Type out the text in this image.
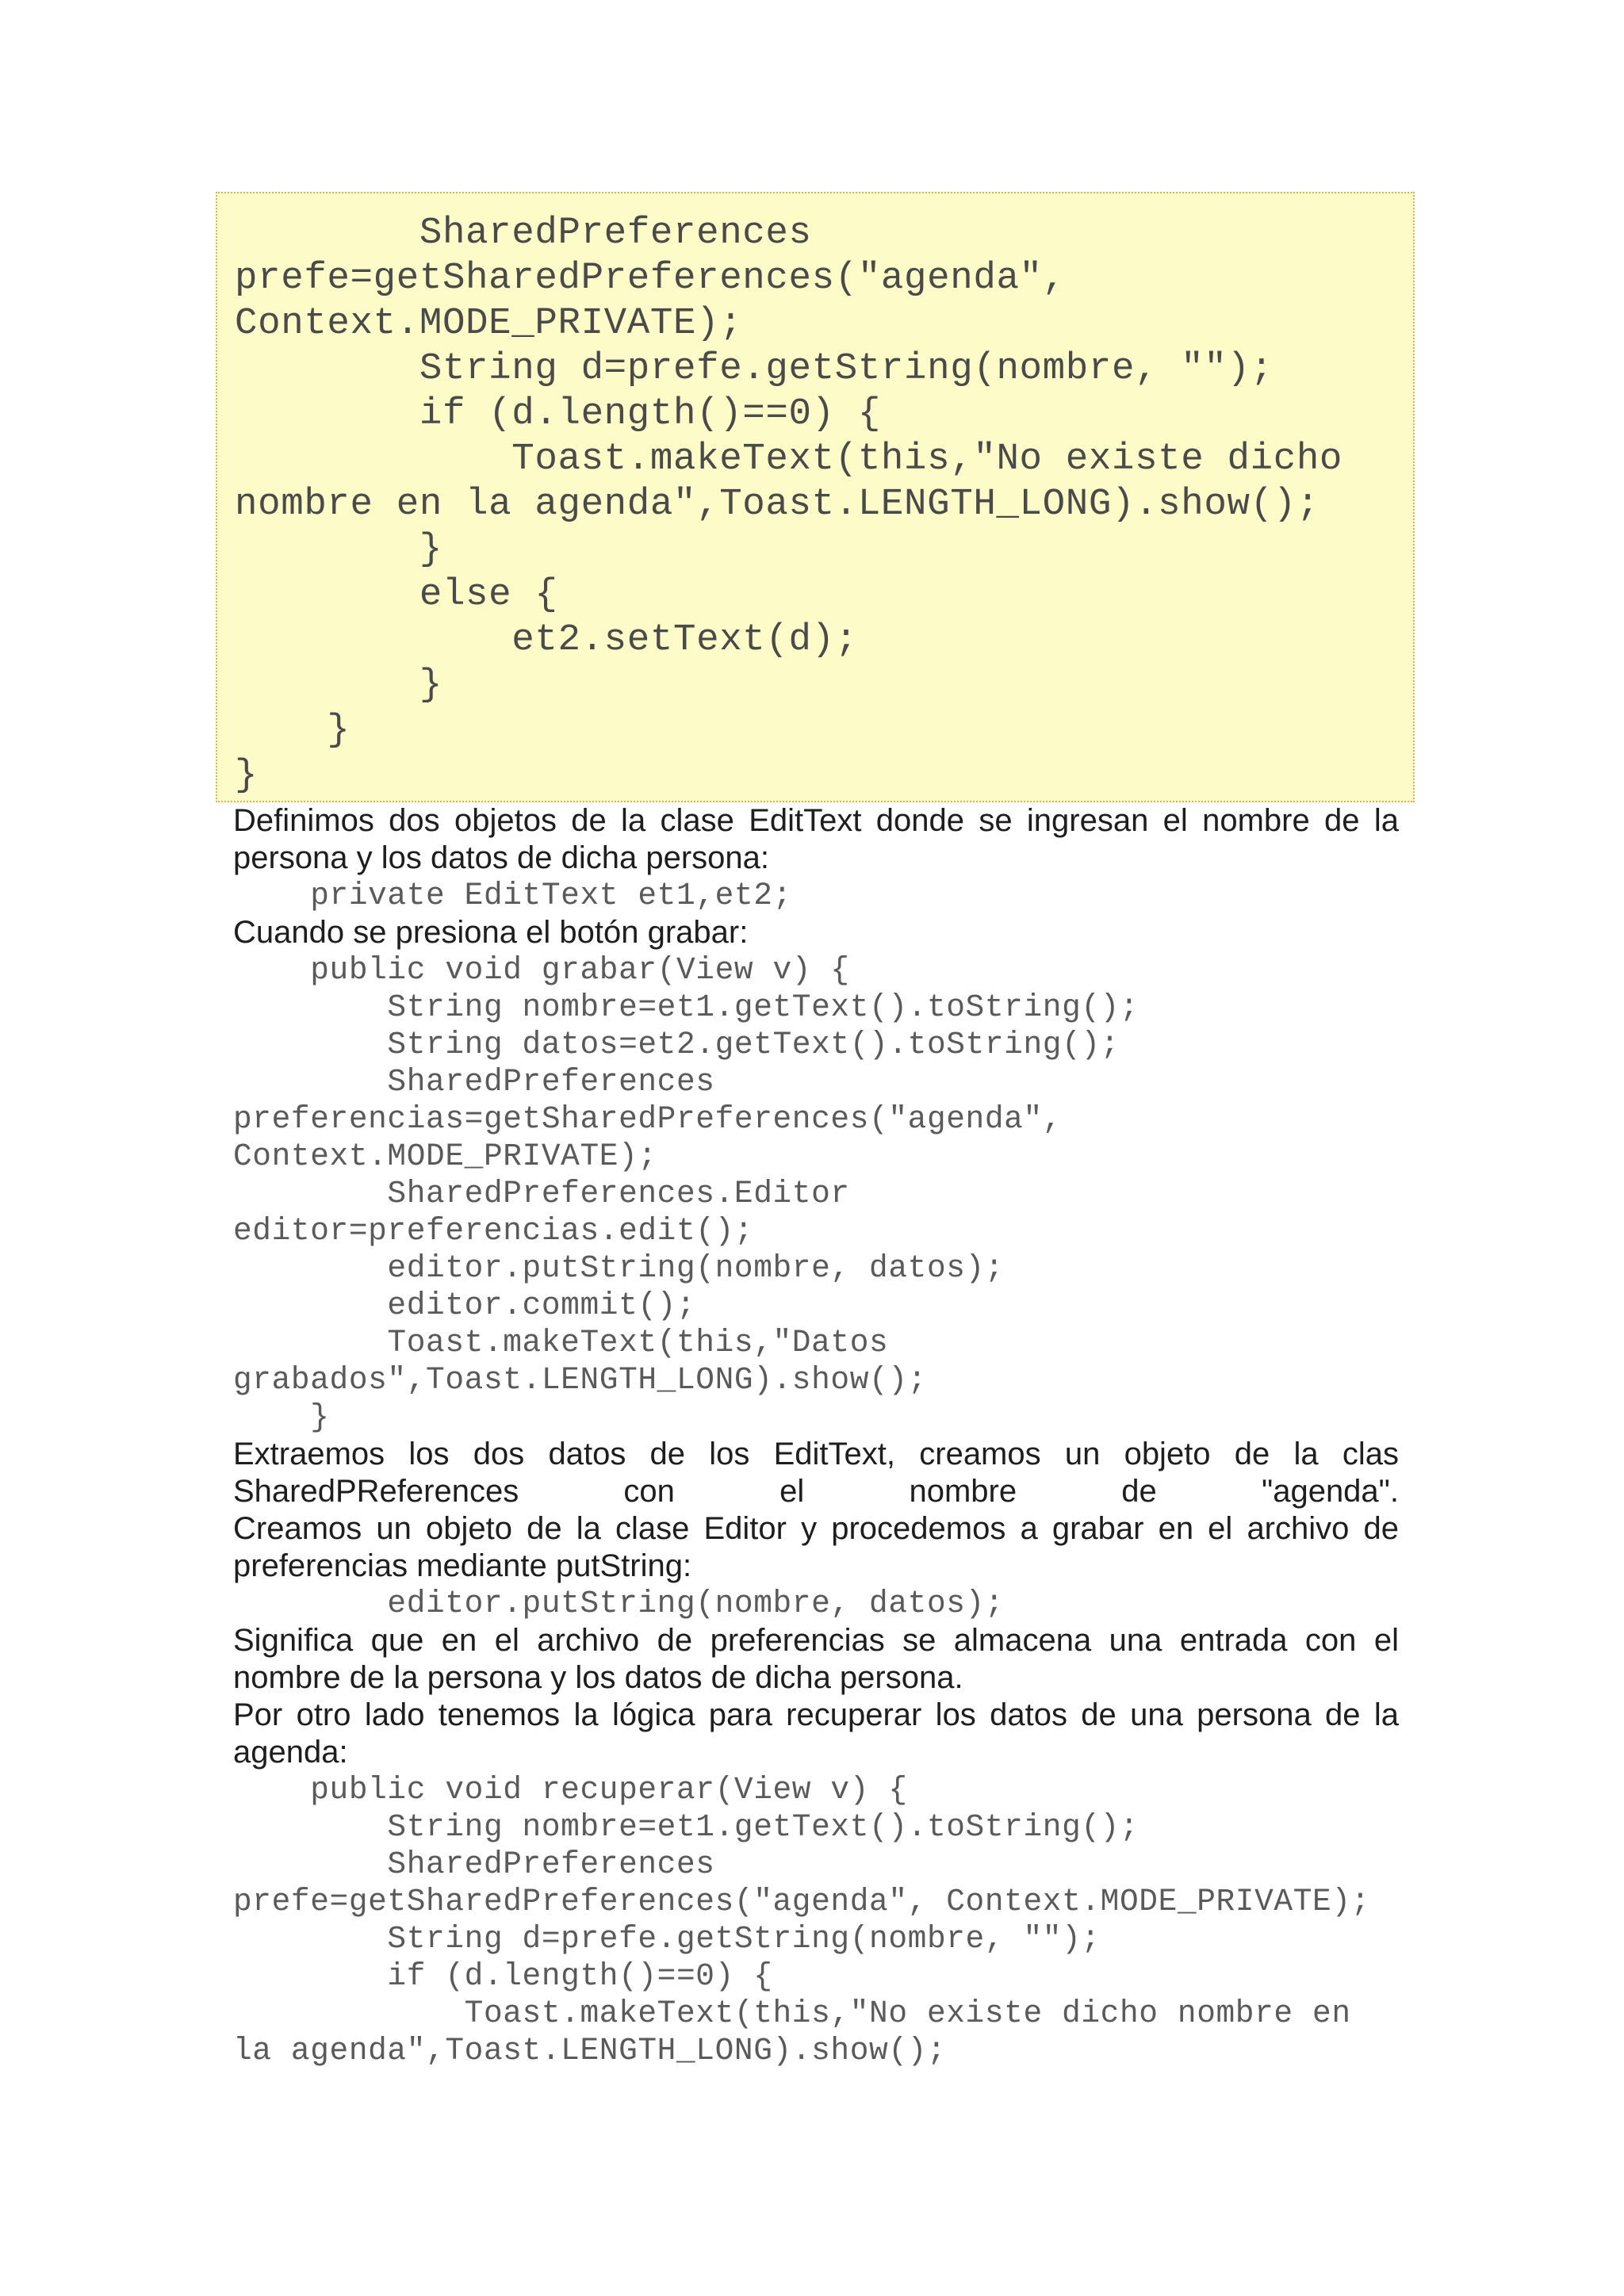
SharedPreferences
prefe=getSharedPreferences("agenda",
Context.MODE_PRIVATE);
String d=prefe.getString(nombre, "");
if (d.length()==0) {
Toast.makeText(this,"No existe dicho
nombre en la agenda",Toast.LENGTH_LONG).show();
}
else {
et2.setText(d);
}
}
}

Definimos dos objetos de la clase EditText donde se ingresan el nombre de la persona y los datos de dicha persona:

private EditText et1,et2;

Cuando se presiona el botón grabar:

public void grabar(View v) {
String nombre=et1.getText().toString();
String datos=et2.getText().toString();
SharedPreferences
preferencias=getSharedPreferences("agenda",
Context.MODE_PRIVATE);
SharedPreferences.Editor
editor=preferencias.edit();
editor.putString(nombre, datos);
editor.commit();
Toast.makeText(this,"Datos
grabados",Toast.LENGTH_LONG).show();
}
Extraemos los dos datos de los EditText, creamos un objeto de la clas
SharedPReferences	con	el	nombre	de	"agenda".

Creamos un objeto de la clase Editor y procedemos a grabar en el archivo de preferencias mediante putString:

editor.putString(nombre, datos);

Significa que en el archivo de preferencias se almacena una entrada con el nombre de la persona y los datos de dicha persona.

Por otro lado tenemos la lógica para recuperar los datos de una persona de la agenda:

public void recuperar(View v) {
String nombre=et1.getText().toString();
SharedPreferences
prefe=getSharedPreferences("agenda", Context.MODE_PRIVATE);
String d=prefe.getString(nombre, "");
if (d.length()==0) {
Toast.makeText(this,"No existe dicho nombre en
la agenda",Toast.LENGTH_LONG).show();
